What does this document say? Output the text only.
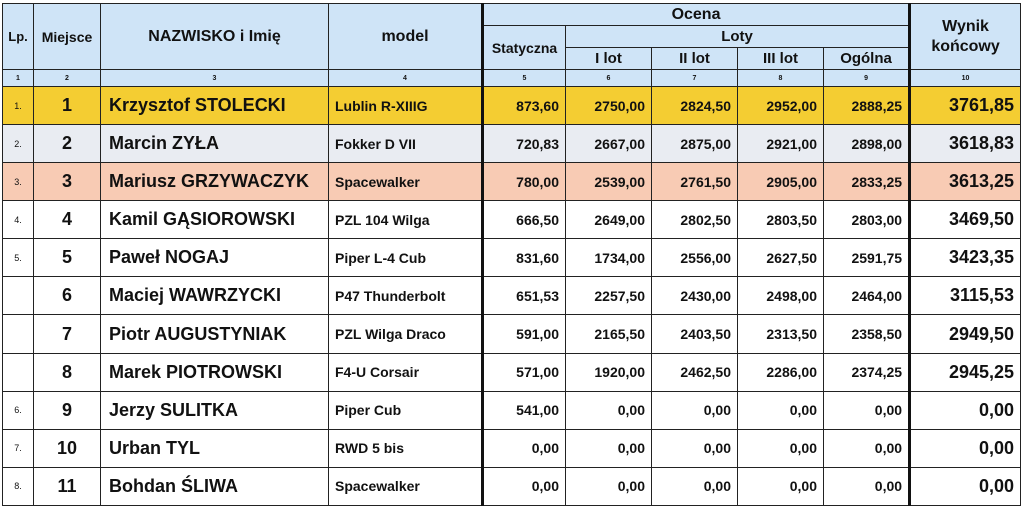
Lp.	Miejsce	NAZWISKO i Imię	model	Ocena					Wynik końcowy
				Statyczna	Loty				
					I lot	II lot	III lot	Ogólna	
1	2	3	4	5	6	7	8	9	10
1.	1	Krzysztof STOLECKI	Lublin R-XIIIG	873,60	2750,00	2824,50	2952,00	2888,25	3761,85
2.	2	Marcin ZYŁA	Fokker D VII	720,83	2667,00	2875,00	2921,00	2898,00	3618,83
3.	3	Mariusz GRZYWACZYK	Spacewalker	780,00	2539,00	2761,50	2905,00	2833,25	3613,25
4.	4	Kamil GĄSIOROWSKI	PZL 104 Wilga	666,50	2649,00	2802,50	2803,50	2803,00	3469,50
5.	5	Paweł NOGAJ	Piper L-4 Cub	831,60	1734,00	2556,00	2627,50	2591,75	3423,35
	6	Maciej WAWRZYCKI	P47 Thunderbolt	651,53	2257,50	2430,00	2498,00	2464,00	3115,53
	7	Piotr AUGUSTYNIAK	PZL Wilga Draco	591,00	2165,50	2403,50	2313,50	2358,50	2949,50
	8	Marek PIOTROWSKI	F4-U Corsair	571,00	1920,00	2462,50	2286,00	2374,25	2945,25
6.	9	Jerzy SULITKA	Piper Cub	541,00	0,00	0,00	0,00	0,00	0,00
7.	10	Urban TYL	RWD 5 bis	0,00	0,00	0,00	0,00	0,00	0,00
8.	11	Bohdan ŚLIWA	Spacewalker	0,00	0,00	0,00	0,00	0,00	0,00
